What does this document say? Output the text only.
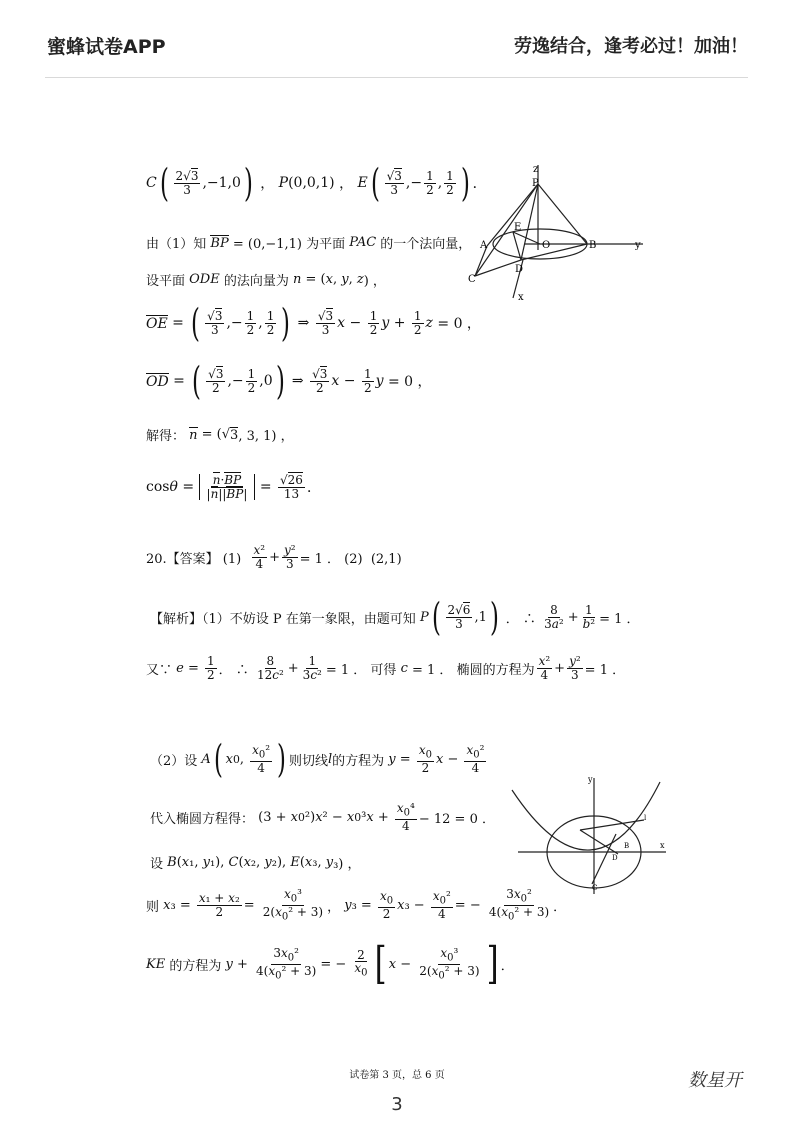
蜜蜂试卷APP	劳逸结合，逢考必过！加油！
C ( $\frac{2√3}{3} ,-1,0$ ) ， P (0,0,1) ， E ( $\frac{√3}{3}$ ,− $\frac{1}{2}$ , $\frac{1}{2}$ ) ．
由（1）知 BP = (0,−1,1) 为平面 PAC 的一个法向量，
设平面 ODE 的法向量为 n = ( x , y , z ) ，
OE = ( $\frac{√3}{3}$ ,− $\frac{1}{2}$ , $\frac{1}{2}$ ) ⇒ $\frac{√3}{3}$ $x - \frac{1}{2}$ $y + \frac{1}{2}$ z = 0 ，
OD = ( $\frac{√3}{2}$ ,− $\frac{1}{2} ,0$ ) ⇒ $\frac{√3}{2}$ $x - \frac{1}{2}$ y = 0 ，
解得： n = (√ 3 , 3, 1) ，
$\cos \theta = \frac{n\cdot BP}{|n||BP|} = \frac{√26}{13}$ ．
20.【答案】 $(1) \frac{\text{x²}}{4} + \frac{\text{y²}}{3} = 1$ ． (2)  (2,1)
【解析】（1）不妨设 P 在第一象限，由题可知
P ( $\frac{2√6}{3} ,1$ ) ． ∴ $\frac{8}{\text{3a²}} + \frac{1}{\text{b²}} = 1$ ．
又∵
$e = \frac{1}{2}$ ． ∴ $\frac{8}{\text{12c²}} + \frac{1}{\text{3c²}} = 1$ ． 可得
c = 1 ． 椭圆的方程为 $\frac{\text{x²}}{4} + \frac{\text{y²}}{3} = 1$ ．
（2）设
A ( x 0 , $\frac{x_0^2}{4}$ ) 则切线 l 的方程为
$y = \frac{x_0}{2}$ $x - \frac{x_0^2}{4}$
代入椭圆方程得： (3 + x 0 ²) x ² − x 0 ³ $x + \frac{x_0^4}{4} - 12 = 0$ ．
设 B ( x ₁, y ₁), C ( x ₂, y ₂), E ( x ₃, y ₃) ，
则
x $_3 = \frac{\text{x₁ + x₂}}{2} = \frac{x_0^3}{2(x_0^2 + 3)}$ ， y $_3 = \frac{x_0}{2}$ x $_3 - \frac{x_0^2}{4}$ = − $\frac{3x_0^2}{4(x_0^2 + 3)}$ ．
KE
的方程为
$y + \frac{3x_0^2}{4(x_0^2 + 3)}$ = − $\frac{2}{x_0}$ [ $x - \frac{x_0^3}{2(x_0^2 + 3)}$ ] ．
z
P
E
A	O	B	y
C
D
x
y
x
B
D
C
l
试卷第 3 页，总 6 页	数星开
3
